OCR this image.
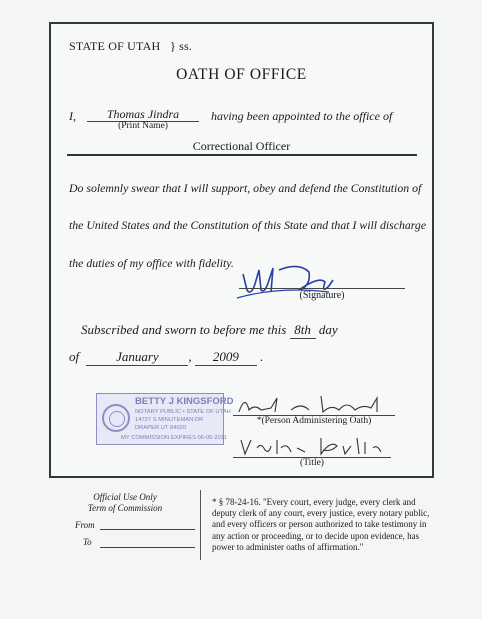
STATE OF UTAH } ss.
OATH OF OFFICE
I,	Thomas Jindra
(Print Name)
having been appointed to the office of
Correctional Officer
Do solemnly swear that I will support, obey and defend the Constitution of
the United States and the Constitution of this State and that I will discharge
the duties of my office with fidelity.
(Signature)
Subscribed and sworn to before me this 8th day
of	January , 2009 .
BETTY J KINGSFORD
NOTARY PUBLIC • STATE OF UTAH
14727 S MINUTEMAN DR
DRAPER UT 84020
MY COMMISSION EXPIRES 06-05-2011
*(Person Administering Oath)
(Title)
Official Use Only
Term of Commission
From
To
* § 78-24-16. "Every court, every judge, every clerk and deputy clerk of any court, every justice, every notary public, and every officers or person authorized to take testimony in any action or proceeding, or to decide upon evidence, has power to administer oaths of affirmation."
